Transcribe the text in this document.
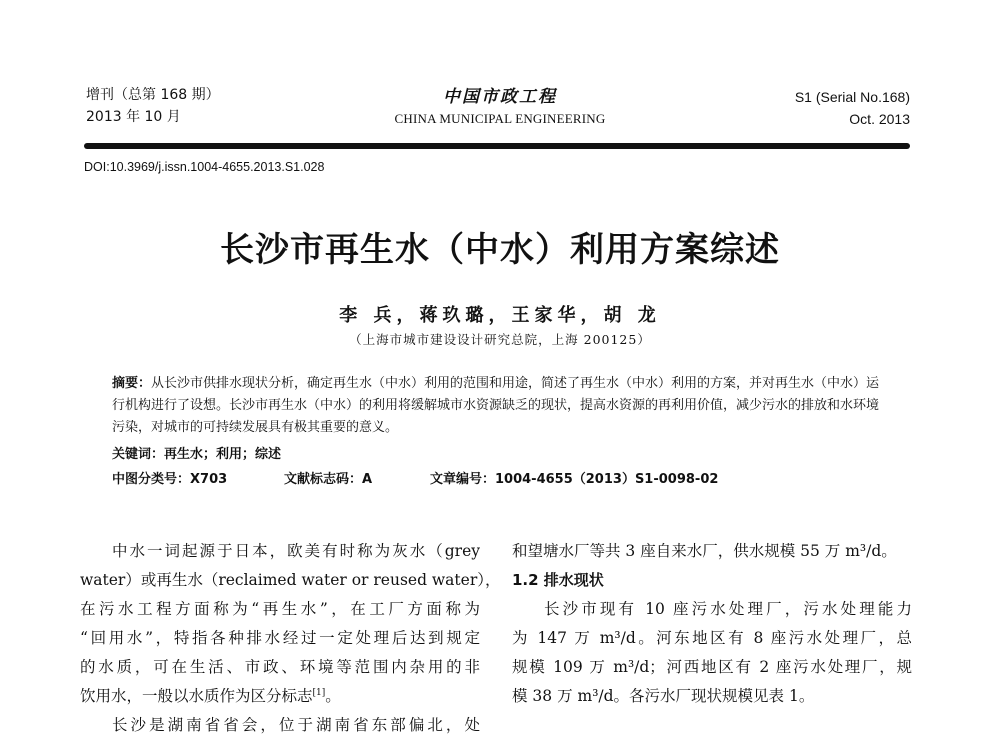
增刊（总第 168 期）
2013 年 10 月
中国市政工程
CHINA MUNICIPAL ENGINEERING
S1 (Serial No.168)
Oct. 2013
DOI:10.3969/j.issn.1004-4655.2013.S1.028
长沙市再生水（中水）利用方案综述
李 兵，蒋玖璐，王家华，胡 龙
（上海市城市建设设计研究总院，上海 200125）
摘要：从长沙市供排水现状分析，确定再生水（中水）利用的范围和用途，简述了再生水（中水）利用的方案，并对再生水（中水）运行机构进行了设想。长沙市再生水（中水）的利用将缓解城市水资源缺乏的现状，提高水资源的再利用价值，减少污水的排放和水环境污染，对城市的可持续发展具有极其重要的意义。
关键词：再生水；利用；综述
中图分类号：X703	文献标志码：A	文章编号：1004-4655（2013）S1-0098-02
中水一词起源于日本，欧美有时称为灰水（grey
water）或再生水（reclaimed water or reused water），
在污水工程方面称为“再生水”，在工厂方面称为
“回用水”，特指各种排水经过一定处理后达到规定
的水质，可在生活、市政、环境等范围内杂用的非
饮用水，一般以水质作为区分标志[1]。
长沙是湖南省省会，位于湖南省东部偏北，处
和望塘水厂等共 3 座自来水厂，供水规模 55 万 m³/d。
1.2 排水现状
长沙市现有 10 座污水处理厂，污水处理能力
为 147 万 m³/d。河东地区有 8 座污水处理厂，总
规模 109 万 m³/d；河西地区有 2 座污水处理厂，规
模 38 万 m³/d。各污水厂现状规模见表 1。
